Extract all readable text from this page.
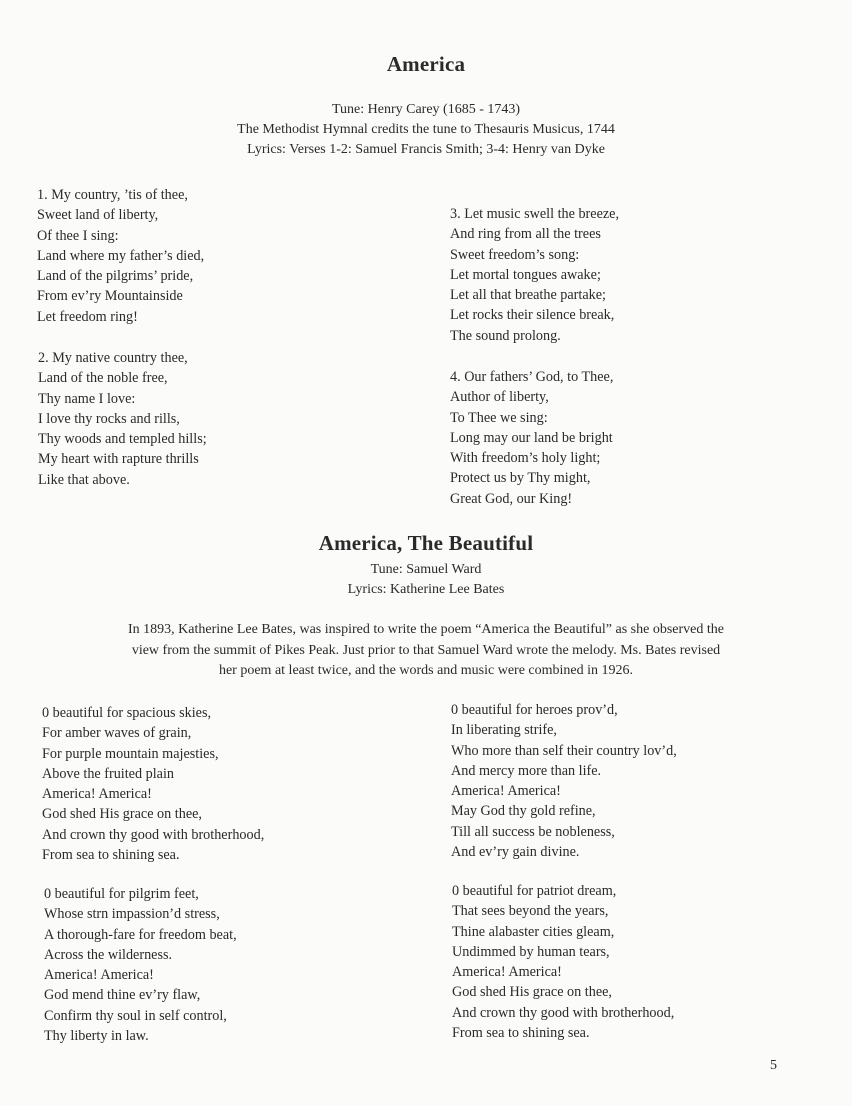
America
Tune: Henry Carey (1685 - 1743)
The Methodist Hymnal credits the tune to Thesauris Musicus, 1744
Lyrics: Verses 1-2: Samuel Francis Smith; 3-4: Henry van Dyke
1. My country, ’tis of thee,
Sweet land of liberty,
Of thee I sing:
Land where my father’s died,
Land of the pilgrims’ pride,
From ev’ry Mountainside
Let freedom ring!
2. My native country thee,
Land of the noble free,
Thy name I love:
I love thy rocks and rills,
Thy woods and templed hills;
My heart with rapture thrills
Like that above.
3. Let music swell the breeze,
And ring from all the trees
Sweet freedom’s song:
Let mortal tongues awake;
Let all that breathe partake;
Let rocks their silence break,
The sound prolong.
4. Our fathers’ God, to Thee,
Author of liberty,
To Thee we sing:
Long may our land be bright
With freedom’s holy light;
Protect us by Thy might,
Great God, our King!
America, The Beautiful
Tune: Samuel Ward
Lyrics: Katherine Lee Bates
In 1893, Katherine Lee Bates, was inspired to write the poem “America the Beautiful” as she observed the
view from the summit of Pikes Peak. Just prior to that Samuel Ward wrote the melody. Ms. Bates revised
her poem at least twice, and the words and music were combined in 1926.
0 beautiful for spacious skies,
For amber waves of grain,
For purple mountain majesties,
Above the fruited plain
America! America!
God shed His grace on thee,
And crown thy good with brotherhood,
From sea to shining sea.
0 beautiful for pilgrim feet,
Whose strn impassion’d stress,
A thorough-fare for freedom beat,
Across the wilderness.
America! America!
God mend thine ev’ry flaw,
Confirm thy soul in self control,
Thy liberty in law.
0 beautiful for heroes prov’d,
In liberating strife,
Who more than self their country lov’d,
And mercy more than life.
America! America!
May God thy gold refine,
Till all success be nobleness,
And ev’ry gain divine.
0 beautiful for patriot dream,
That sees beyond the years,
Thine alabaster cities gleam,
Undimmed by human tears,
America! America!
God shed His grace on thee,
And crown thy good with brotherhood,
From sea to shining sea.
5
